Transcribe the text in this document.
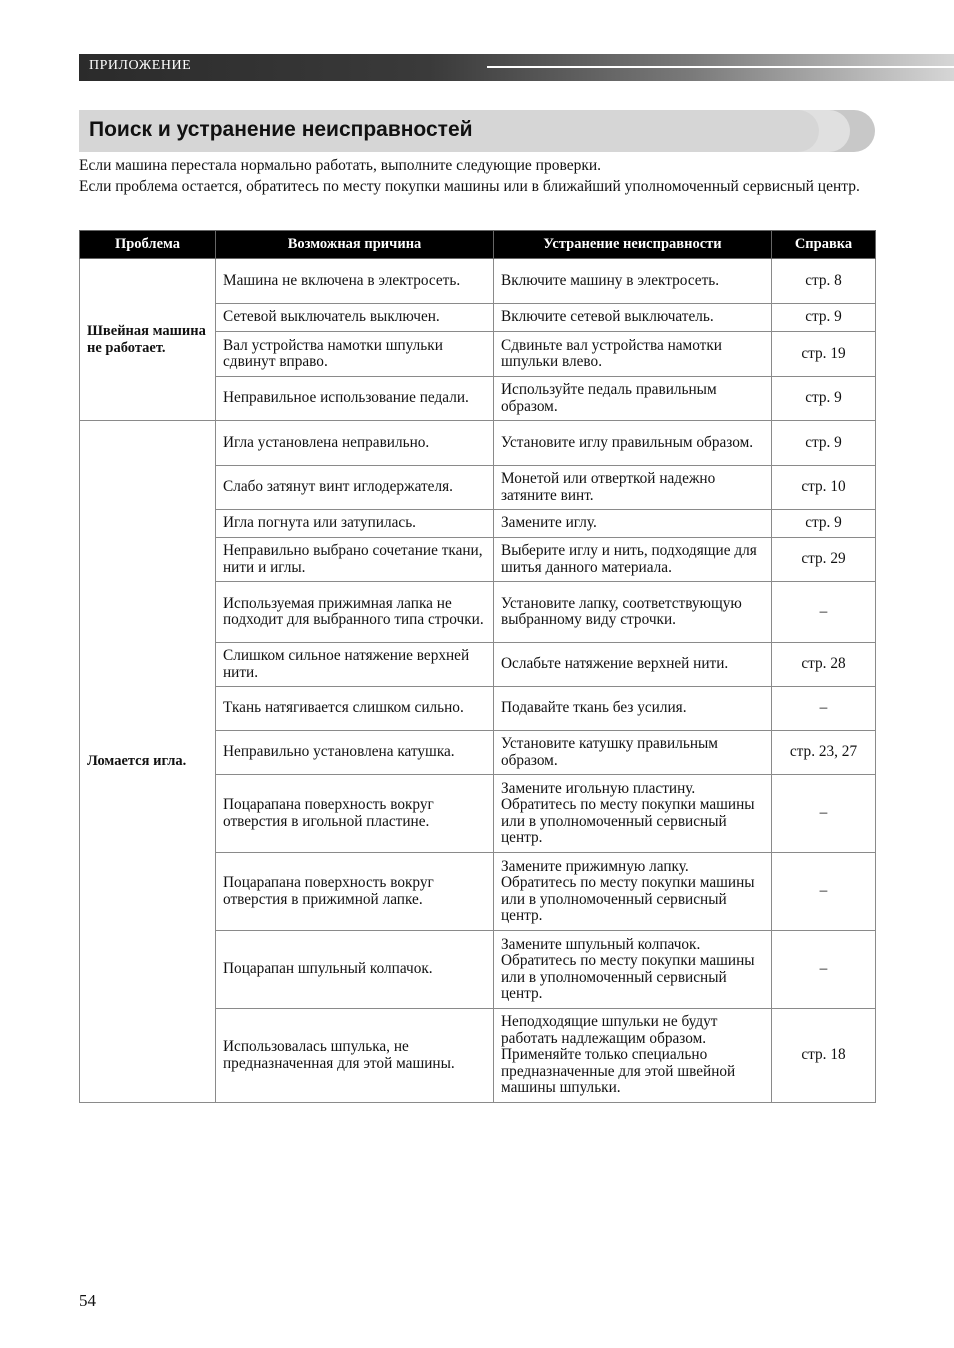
ПРИЛОЖЕНИЕ
Поиск и устранение неисправностей

Если машина перестала нормально работать, выполните следующие проверки.

Если проблема остается, обратитесь по месту покупки машины или в ближайший уполномоченный сервисный центр.

Проблема	Возможная причина	Устранение неисправности	Справка
Швейная машина не работает.	Машина не включена в электросеть.	Включите машину в электросеть.	стр. 8
	Сетевой выключатель выключен.	Включите сетевой выключатель.	стр. 9
	Вал устройства намотки шпульки сдвинут вправо.	Сдвиньте вал устройства намотки шпульки влево.	стр. 19
	Неправильное использование педали.	Используйте педаль правильным образом.	стр. 9
Ломается игла.	Игла установлена неправильно.	Установите иглу правильным образом.	стр. 9
	Слабо затянут винт иглодержателя.	Монетой или отверткой надежно затяните винт.	стр. 10
	Игла погнута или затупилась.	Замените иглу.	стр. 9
	Неправильно выбрано сочетание ткани, нити и иглы.	Выберите иглу и нить, подходящие для шитья данного материала.	стр. 29
	Используемая прижимная лапка не подходит для выбранного типа строчки.	Установите лапку, соответствующую выбранному виду строчки.	–
	Слишком сильное натяжение верхней нити.	Ослабьте натяжение верхней нити.	стр. 28
	Ткань натягивается слишком сильно.	Подавайте ткань без усилия.	–
	Неправильно установлена катушка.	Установите катушку правильным образом.	стр. 23, 27
	Поцарапана поверхность вокруг отверстия в игольной пластине.	Замените игольную пластину. Обратитесь по месту покупки машины или в уполномоченный сервисный центр.	–
	Поцарапана поверхность вокруг отверстия в прижимной лапке.	Замените прижимную лапку. Обратитесь по месту покупки машины или в уполномоченный сервисный центр.	–
	Поцарапан шпульный колпачок.	Замените шпульный колпачок. Обратитесь по месту покупки машины или в уполномоченный сервисный центр.	–
	Использовалась шпулька, не предназначенная для этой машины.	Неподходящие шпульки не будут работать надлежащим образом. Применяйте только специально предназначенные для этой швейной машины шпульки.	стр. 18
54
